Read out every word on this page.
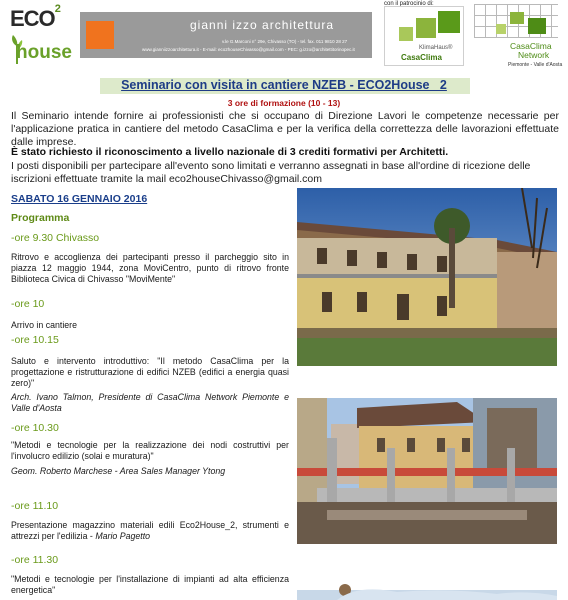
ECO$^2$
house
gianni izzo architettura
v.le G.Marconi n° 29e, Chivasso (TO) - tel. fax. 011 9810 28 27
www.gianniizzoarchitettura.it - E-mail: eco2houseChivasso@gmail.com - PEC: g.izzo@architettitorinopec.it
con il patrocinio di:
KlimaHaus®
CasaClima
CasaClima
Network
Piemonte - Valle d'Aosta
Seminario con visita in cantiere NZEB - ECO2House _2
3 ore di formazione (10 - 13)
Il Seminario intende fornire ai professionisti che si occupano di Direzione Lavori le competenze necessarie per l'applicazione pratica in cantiere del metodo CasaClima e per la verifica della correttezza delle lavorazioni effettuate dalle imprese.
È stato richiesto il riconoscimento a livello nazionale di 3 crediti formativi per Architetti.
I posti disponibili per partecipare all'evento sono limitati e verranno assegnati in base all'ordine di ricezione delle iscrizioni effettuate tramite la mail eco2houseChivasso@gmail.com
SABATO 16 GENNAIO 2016
Programma
-ore 9.30 Chivasso
Ritrovo e accoglienza dei partecipanti presso il parcheggio sito in piazza 12 maggio 1944, zona MoviCentro, punto di ritrovo fronte Biblioteca Civica di Chivasso "MoviMente"
-ore 10
Arrivo in cantiere
-ore 10.15
Saluto e intervento introduttivo: "Il metodo CasaClima per la progettazione e ristrutturazione di edifici NZEB (edifici a energia quasi zero)"
Arch. Ivano Talmon, Presidente di CasaClima Network Piemonte e Valle d'Aosta
-ore 10.30
"Metodi e tecnologie per la realizzazione dei nodi costruttivi per l'involucro edilizio (solai e muratura)"
Geom. Roberto Marchese - Area Sales Manager Ytong
-ore 11.10
Presentazione magazzino materiali edili Eco2House_2, strumenti e attrezzi per l'edilizia - Mario Pagetto
-ore 11.30
"Metodi e tecnologie per l'installazione di impianti ad alta efficienza energetica"
